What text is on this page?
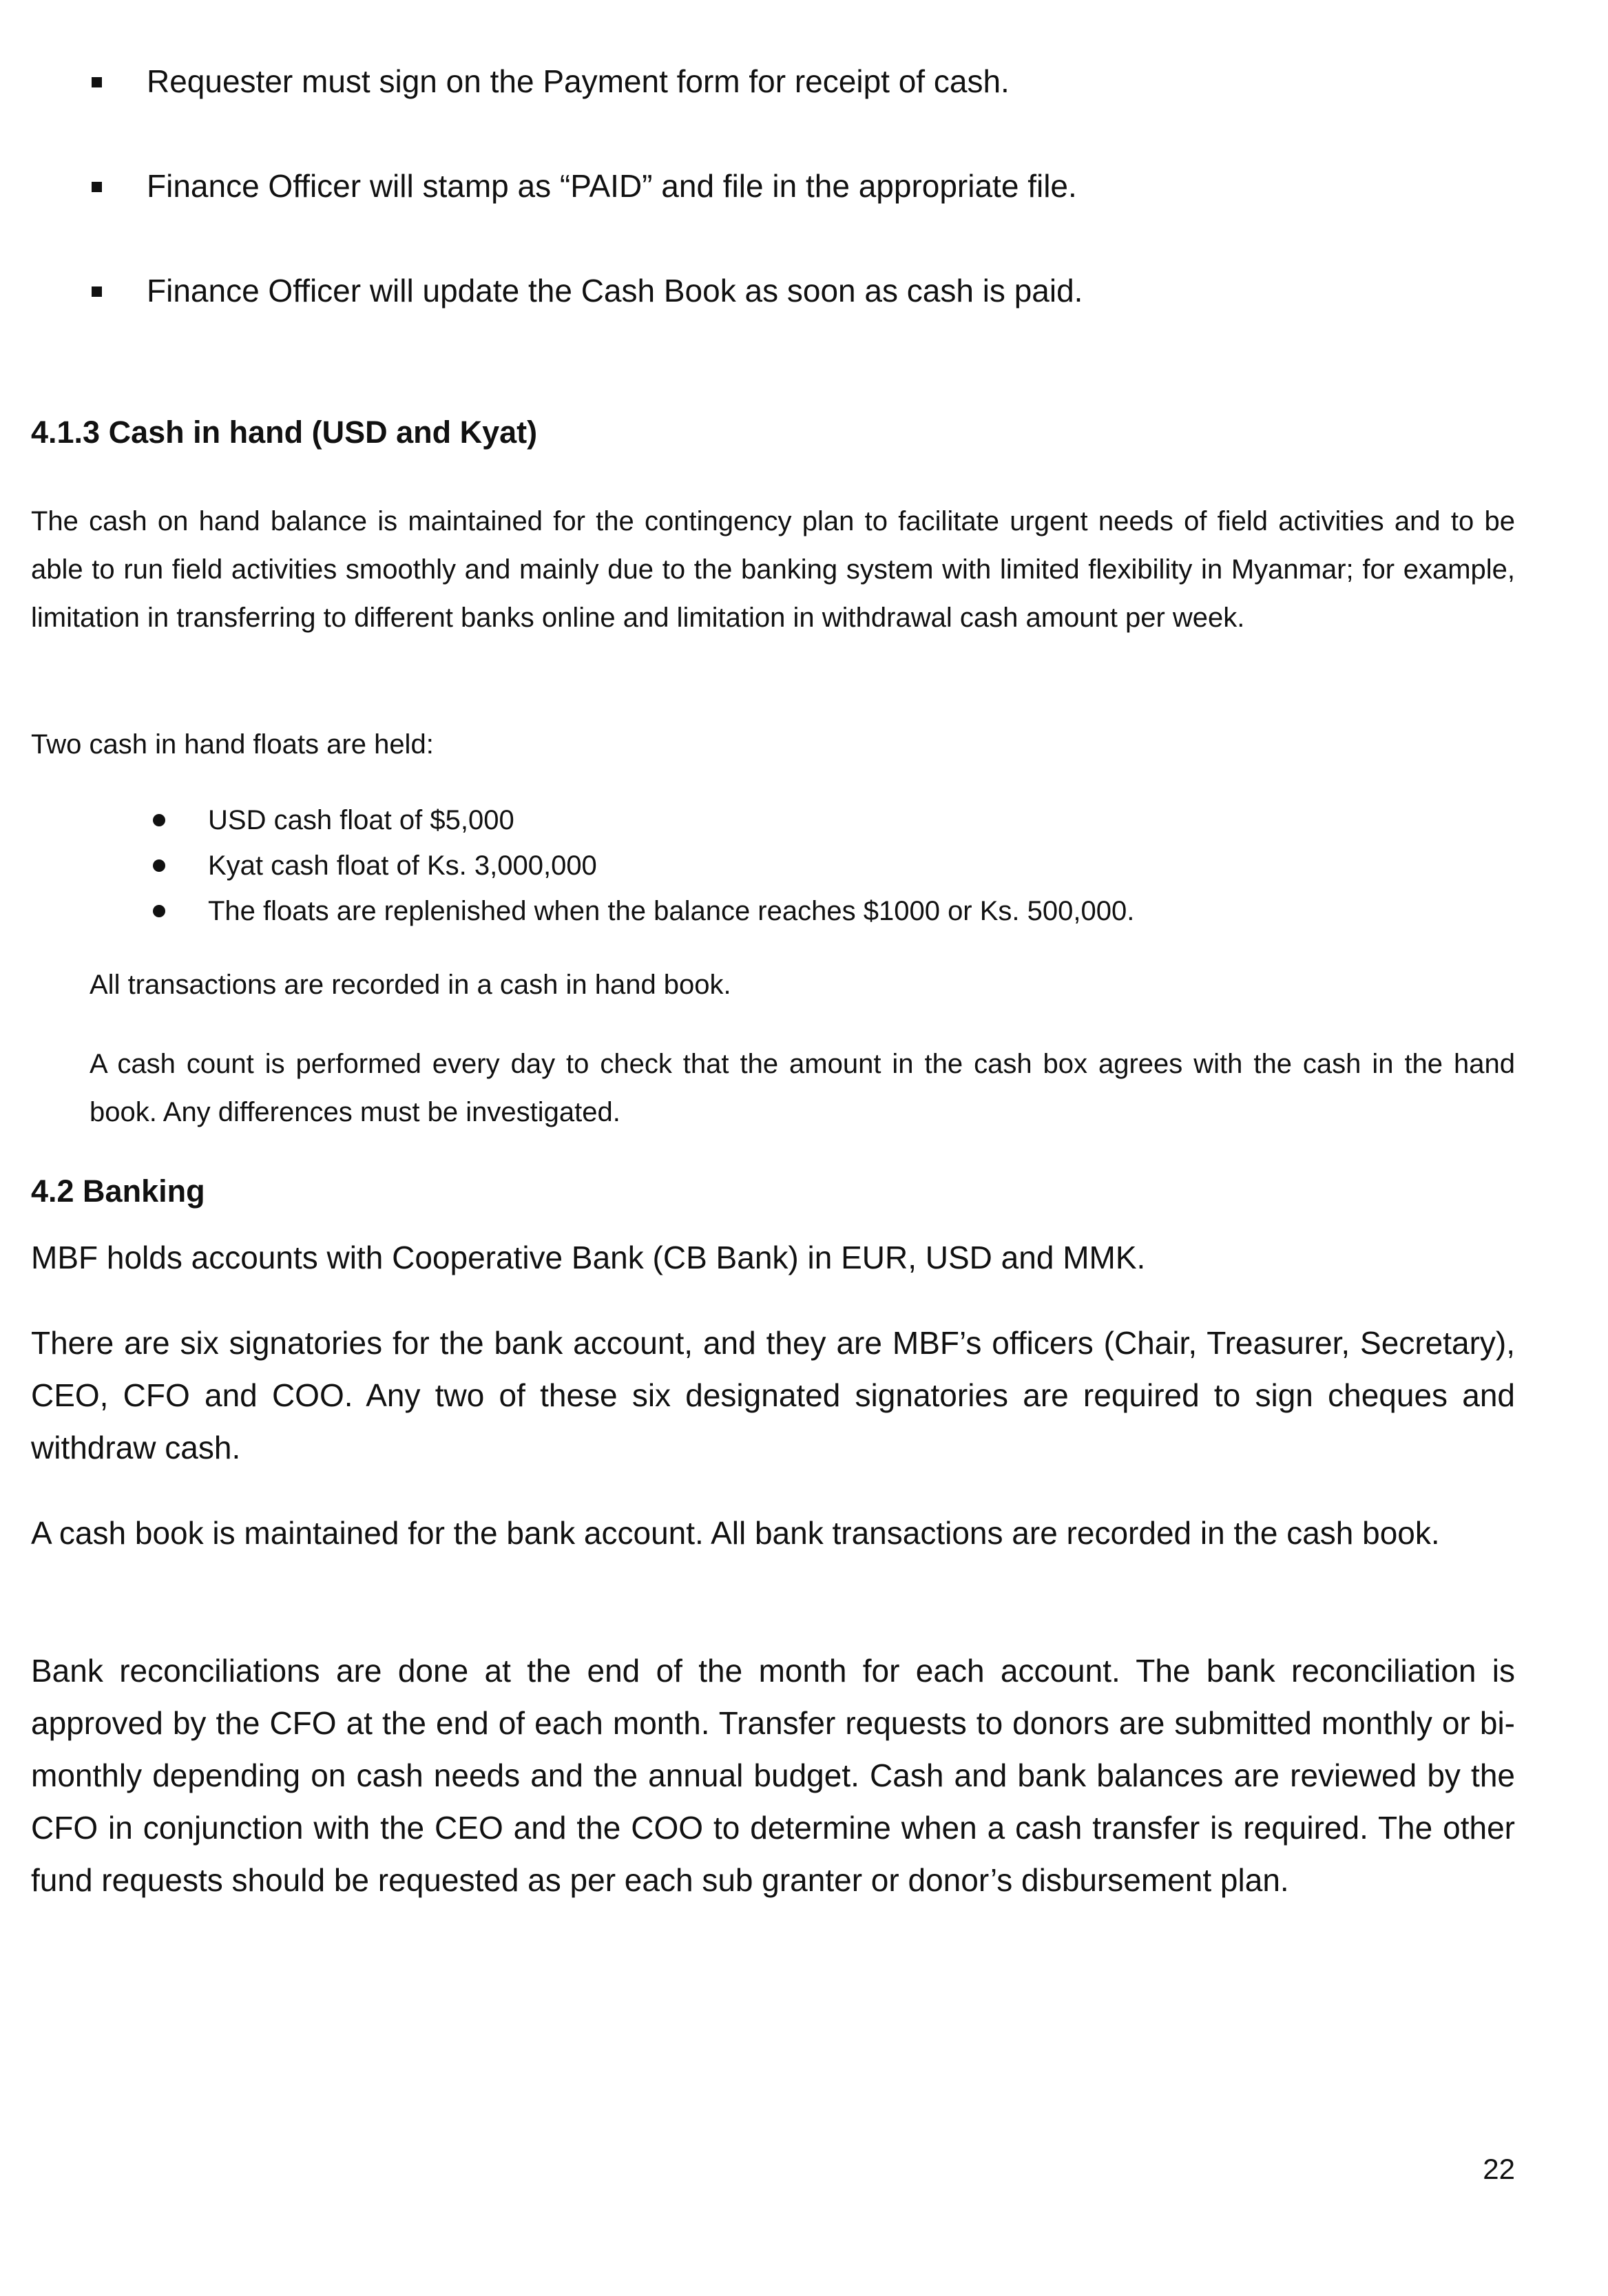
Requester must sign on the Payment form for receipt of cash.
Finance Officer will stamp as “PAID” and file in the appropriate file.
Finance Officer will update the Cash Book as soon as cash is paid.
4.1.3 Cash in hand (USD and Kyat)

The cash on hand balance is maintained for the contingency plan to facilitate urgent needs of field activities and to be able to run field activities smoothly and mainly due to the banking system with limited flexibility in Myanmar; for example, limitation in transferring to different banks online and limitation in withdrawal cash amount per week.

Two cash in hand floats are held:

USD cash float of $5,000
Kyat cash float of Ks. 3,000,000
The floats are replenished when the balance reaches $1000 or Ks. 500,000.

All transactions are recorded in a cash in hand book.

A cash count is performed every day to check that the amount in the cash box agrees with the cash in the hand book. Any differences must be investigated.

4.2 Banking

MBF holds accounts with Cooperative Bank (CB Bank) in EUR, USD and MMK.

There are six signatories for the bank account, and they are MBF’s officers (Chair, Treasurer, Secretary), CEO, CFO and COO. Any two of these six designated signatories are required to sign cheques and withdraw cash.

A cash book is maintained for the bank account. All bank transactions are recorded in the cash book.

Bank reconciliations are done at the end of the month for each account. The bank reconciliation is approved by the CFO at the end of each month. Transfer requests to donors are submitted monthly or bi-monthly depending on cash needs and the annual budget. Cash and bank balances are reviewed by the CFO in conjunction with the CEO and the COO to determine when a cash transfer is required. The other fund requests should be requested as per each sub granter or donor’s disbursement plan.

22
